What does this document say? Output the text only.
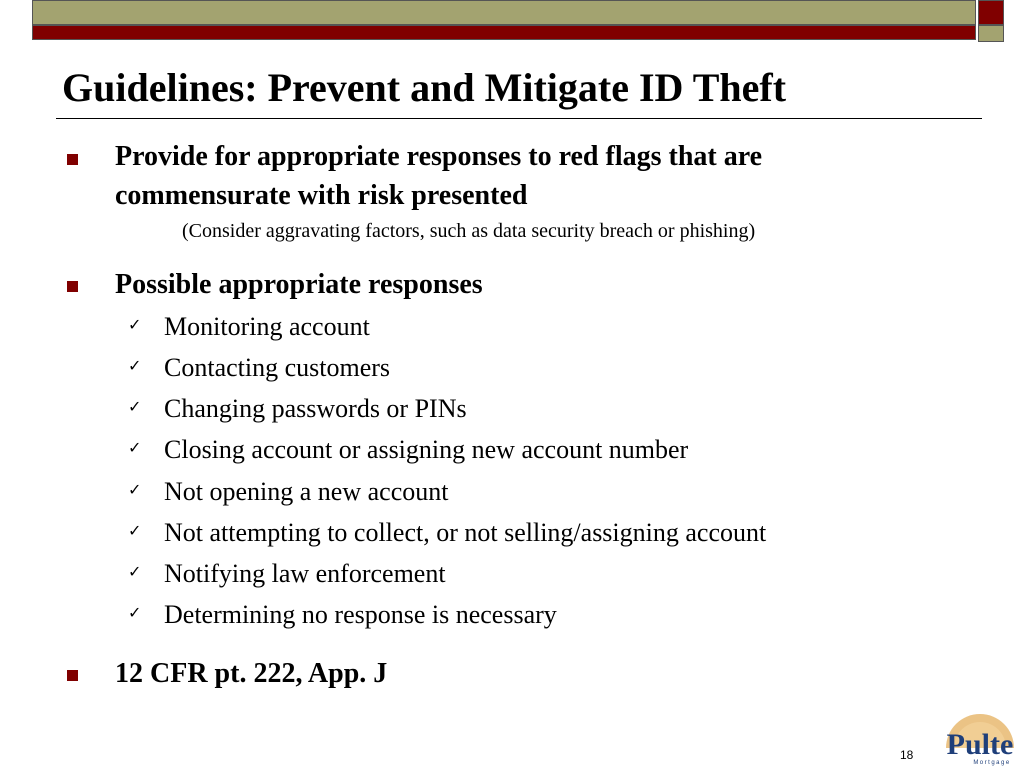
Guidelines: Prevent and Mitigate ID Theft
Provide for appropriate responses to red flags that are
commensurate with risk presented
(Consider aggravating factors, such as data security breach or phishing)
Possible appropriate responses
✓ Monitoring account
✓ Contacting customers
✓ Changing passwords or PINs
✓ Closing account or assigning new account number
✓ Not opening a new account
✓ Not attempting to collect, or not selling/assigning account
✓ Notifying law enforcement
✓ Determining no response is necessary
12 CFR pt. 222, App. J
18 Pulte
Mortgage
